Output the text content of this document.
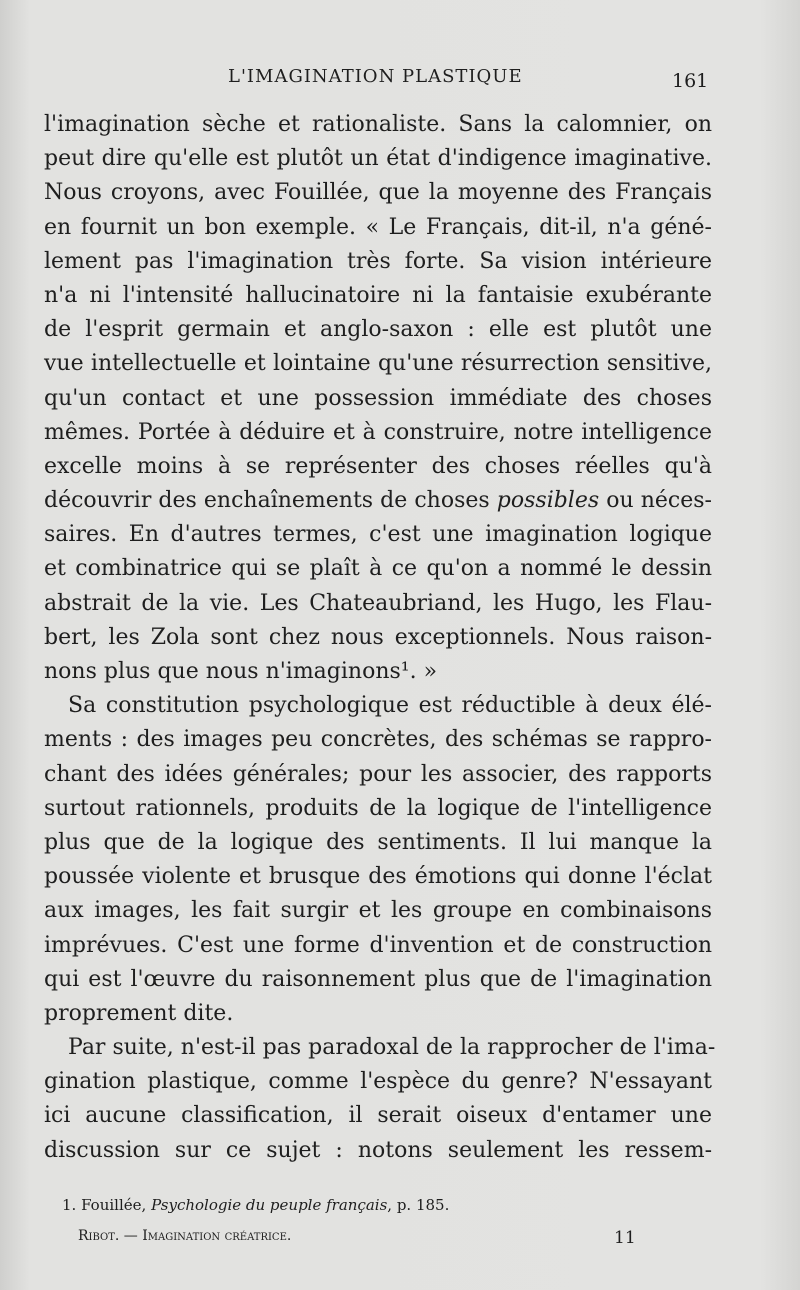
L'IMAGINATION PLASTIQUE	161
l'imagination sèche et rationaliste. Sans la calomnier, on
peut dire qu'elle est plutôt un état d'indigence imaginative.
Nous croyons, avec Fouillée, que la moyenne des Français
en fournit un bon exemple. « Le Français, dit-il, n'a géné-
lement pas l'imagination très forte. Sa vision intérieure
n'a ni l'intensité hallucinatoire ni la fantaisie exubérante
de l'esprit germain et anglo-saxon : elle est plutôt une
vue intellectuelle et lointaine qu'une résurrection sensitive,
qu'un contact et une possession immédiate des choses
mêmes. Portée à déduire et à construire, notre intelligence
excelle moins à se représenter des choses réelles qu'à
découvrir des enchaînements de choses possibles ou néces-
saires. En d'autres termes, c'est une imagination logique
et combinatrice qui se plaît à ce qu'on a nommé le dessin
abstrait de la vie. Les Chateaubriand, les Hugo, les Flau-
bert, les Zola sont chez nous exceptionnels. Nous raison-
nons plus que nous n'imaginons¹. »
Sa constitution psychologique est réductible à deux élé-
ments : des images peu concrètes, des schémas se rappro-
chant des idées générales; pour les associer, des rapports
surtout rationnels, produits de la logique de l'intelligence
plus que de la logique des sentiments. Il lui manque la
poussée violente et brusque des émotions qui donne l'éclat
aux images, les fait surgir et les groupe en combinaisons
imprévues. C'est une forme d'invention et de construction
qui est l'œuvre du raisonnement plus que de l'imagination
proprement dite.
Par suite, n'est-il pas paradoxal de la rapprocher de l'ima-
gination plastique, comme l'espèce du genre? N'essayant
ici aucune classification, il serait oiseux d'entamer une
discussion sur ce sujet : notons seulement les ressem-
1. Fouillée, Psychologie du peuple français, p. 185.
Ribot. — Imagination créatrice.	11
